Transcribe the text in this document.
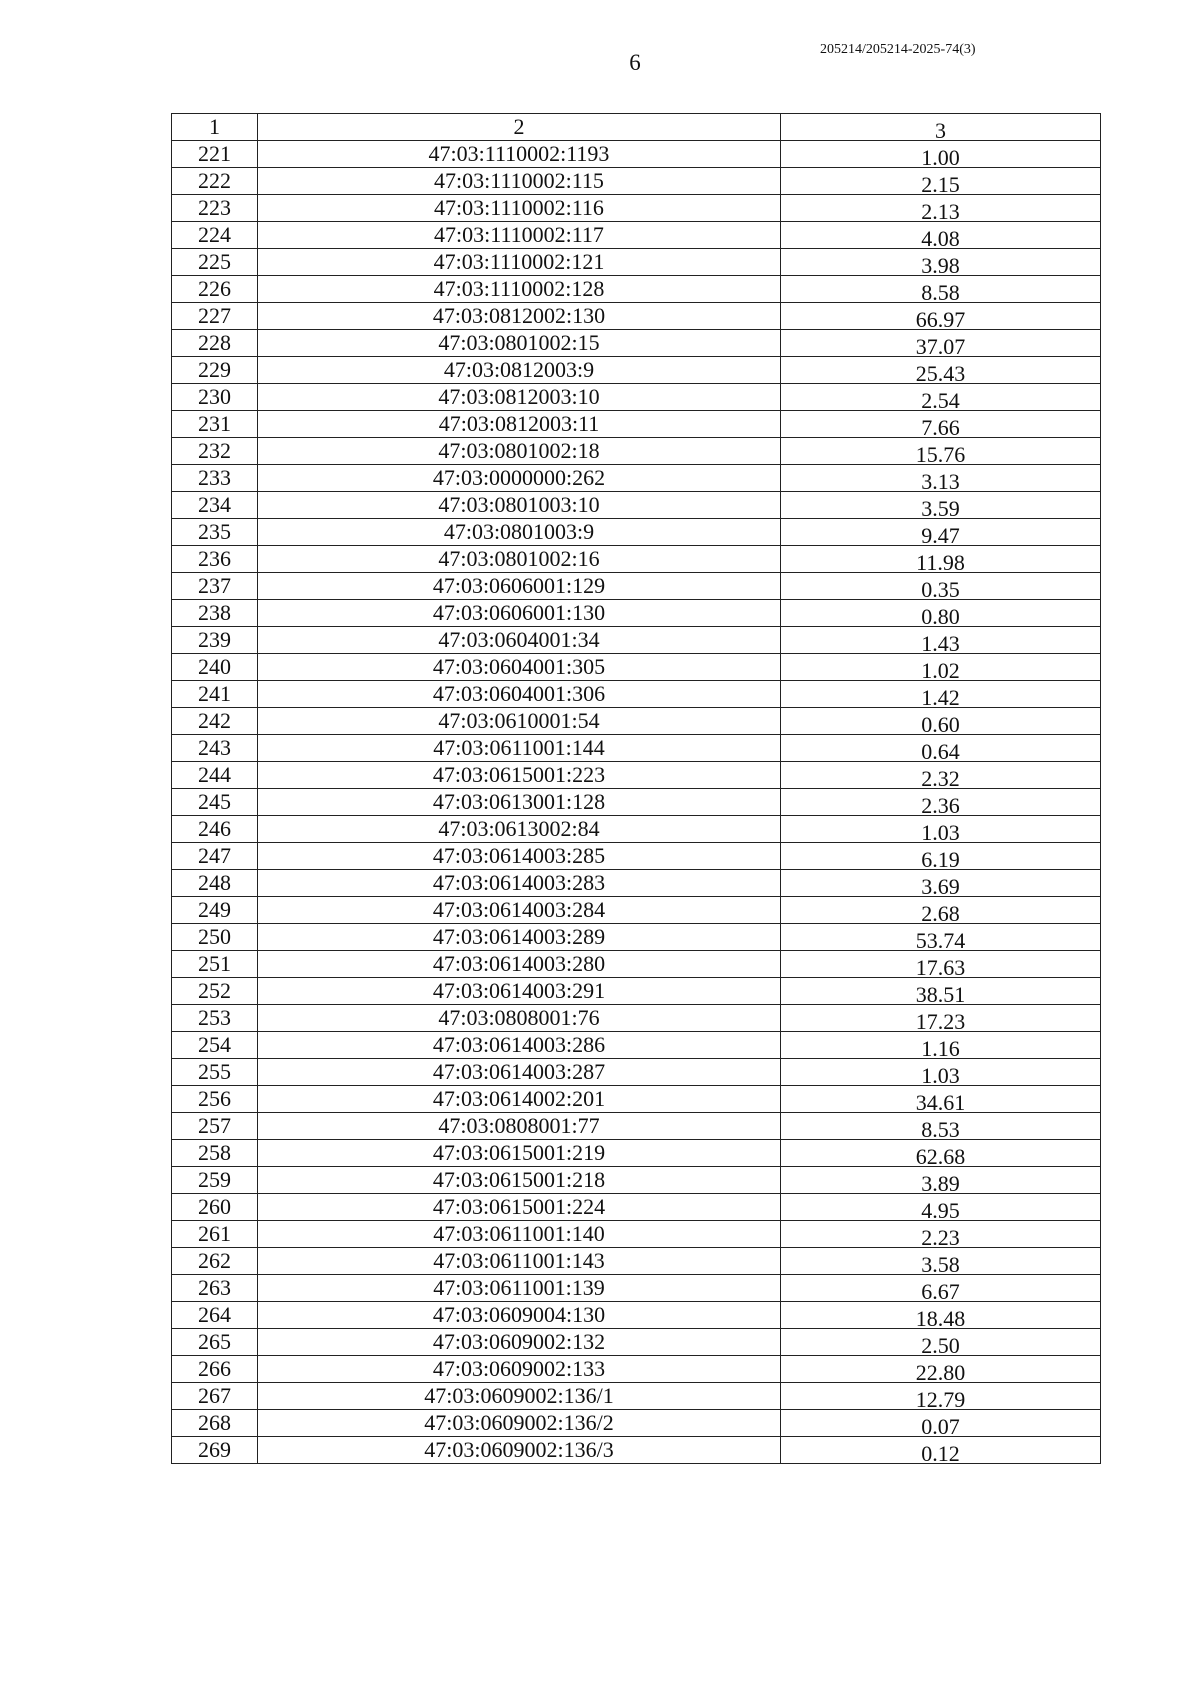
6
205214/205214-2025-74(3)
1	2	3
221	47:03:1110002:1193	1.00
222	47:03:1110002:115	2.15
223	47:03:1110002:116	2.13
224	47:03:1110002:117	4.08
225	47:03:1110002:121	3.98
226	47:03:1110002:128	8.58
227	47:03:0812002:130	66.97
228	47:03:0801002:15	37.07
229	47:03:0812003:9	25.43
230	47:03:0812003:10	2.54
231	47:03:0812003:11	7.66
232	47:03:0801002:18	15.76
233	47:03:0000000:262	3.13
234	47:03:0801003:10	3.59
235	47:03:0801003:9	9.47
236	47:03:0801002:16	11.98
237	47:03:0606001:129	0.35
238	47:03:0606001:130	0.80
239	47:03:0604001:34	1.43
240	47:03:0604001:305	1.02
241	47:03:0604001:306	1.42
242	47:03:0610001:54	0.60
243	47:03:0611001:144	0.64
244	47:03:0615001:223	2.32
245	47:03:0613001:128	2.36
246	47:03:0613002:84	1.03
247	47:03:0614003:285	6.19
248	47:03:0614003:283	3.69
249	47:03:0614003:284	2.68
250	47:03:0614003:289	53.74
251	47:03:0614003:280	17.63
252	47:03:0614003:291	38.51
253	47:03:0808001:76	17.23
254	47:03:0614003:286	1.16
255	47:03:0614003:287	1.03
256	47:03:0614002:201	34.61
257	47:03:0808001:77	8.53
258	47:03:0615001:219	62.68
259	47:03:0615001:218	3.89
260	47:03:0615001:224	4.95
261	47:03:0611001:140	2.23
262	47:03:0611001:143	3.58
263	47:03:0611001:139	6.67
264	47:03:0609004:130	18.48
265	47:03:0609002:132	2.50
266	47:03:0609002:133	22.80
267	47:03:0609002:136/1	12.79
268	47:03:0609002:136/2	0.07
269	47:03:0609002:136/3	0.12
